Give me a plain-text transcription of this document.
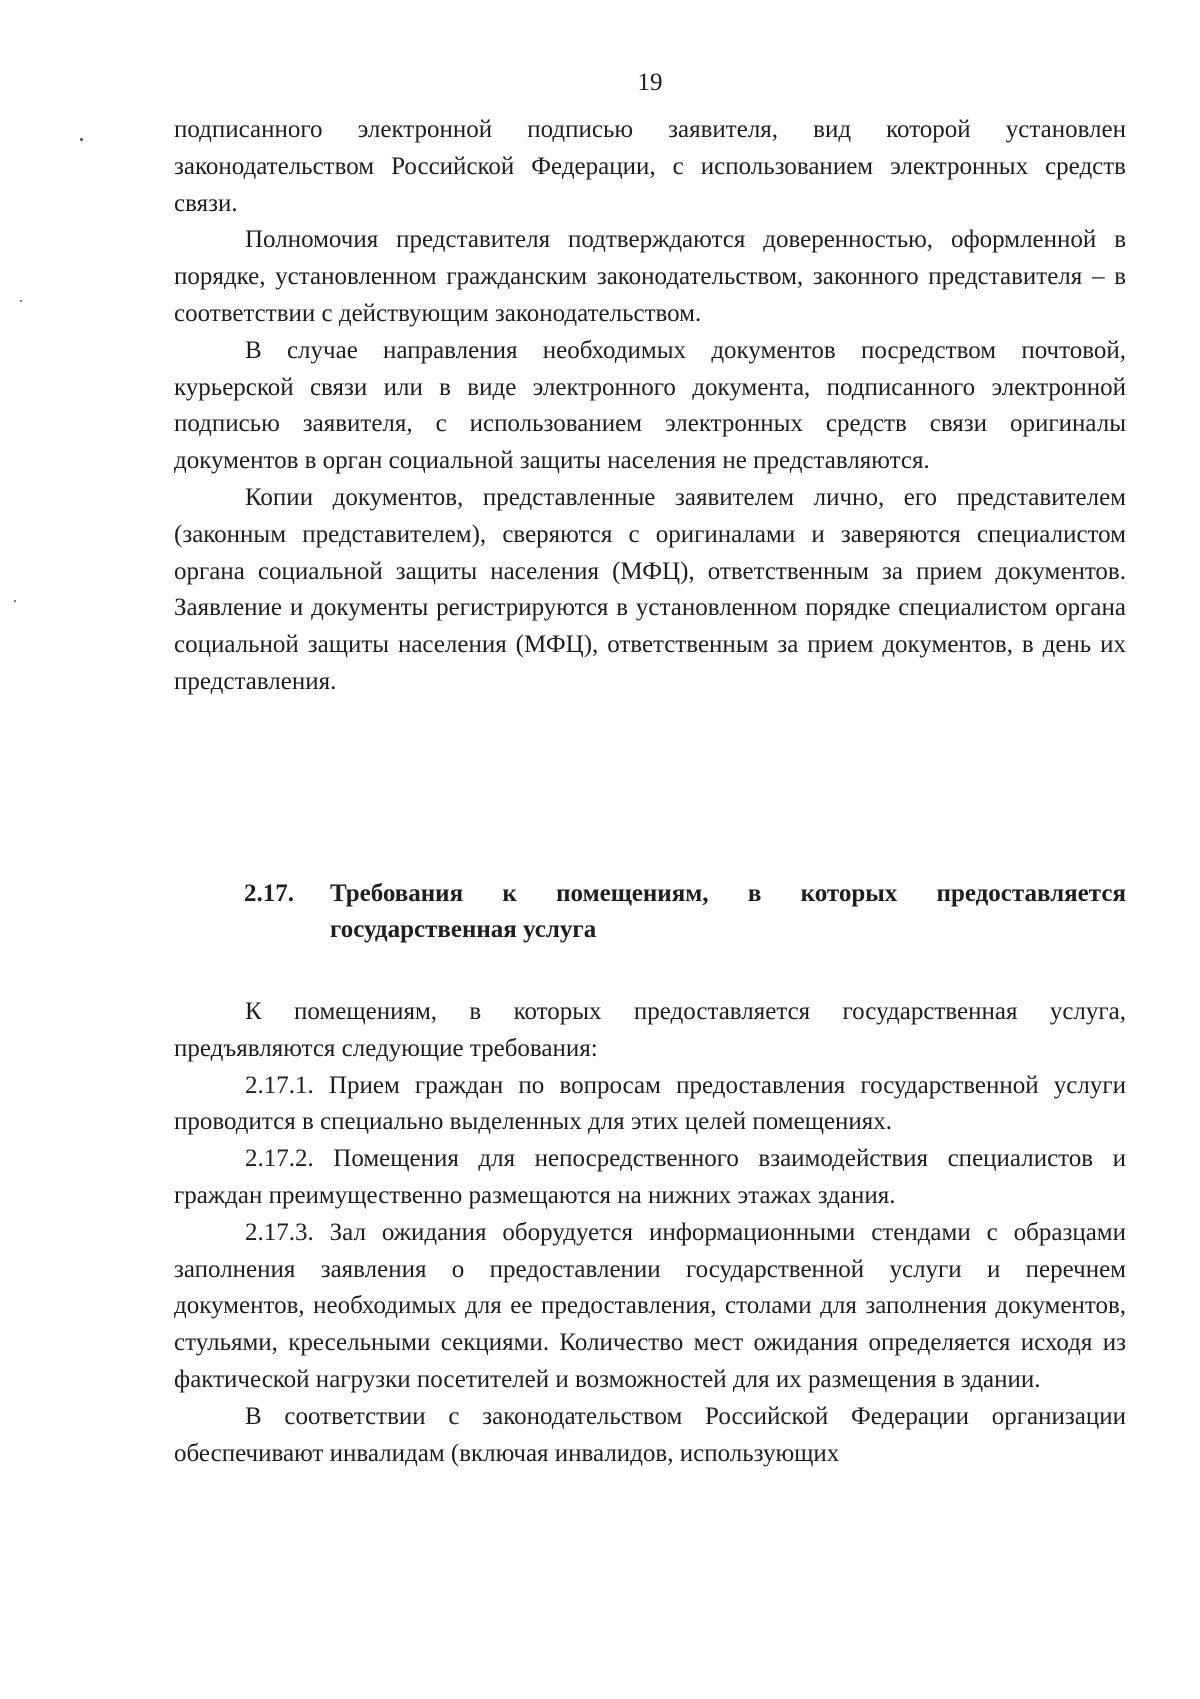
19

подписанного электронной подписью заявителя, вид которой установлен законодательством Российской Федерации, с использованием электронных средств связи.

Полномочия представителя подтверждаются доверенностью, оформленной в порядке, установленном гражданским законодательством, законного представителя – в соответствии с действующим законодательством.

В случае направления необходимых документов посредством почтовой, курьерской связи или в виде электронного документа, подписанного электронной подписью заявителя, с использованием электронных средств связи оригиналы документов в орган социальной защиты населения не представляются.

Копии документов, представленные заявителем лично, его представителем (законным представителем), сверяются с оригиналами и заверяются специалистом органа социальной защиты населения (МФЦ), ответственным за прием документов. Заявление и документы регистрируются в установленном порядке специалистом органа социальной защиты населения (МФЦ), ответственным за прием документов, в день их представления.

2.17. Требования к помещениям, в которых предоставляется государственная услуга

К помещениям, в которых предоставляется государственная услуга, предъявляются следующие требования:

2.17.1. Прием граждан по вопросам предоставления государственной услуги проводится в специально выделенных для этих целей помещениях.

2.17.2. Помещения для непосредственного взаимодействия специалистов и граждан преимущественно размещаются на нижних этажах здания.

2.17.3. Зал ожидания оборудуется информационными стендами с образцами заполнения заявления о предоставлении государственной услуги и перечнем документов, необходимых для ее предоставления, столами для заполнения документов, стульями, кресельными секциями. Количество мест ожидания определяется исходя из фактической нагрузки посетителей и возможностей для их размещения в здании.

В соответствии с законодательством Российской Федерации организации обеспечивают инвалидам (включая инвалидов, использующих
